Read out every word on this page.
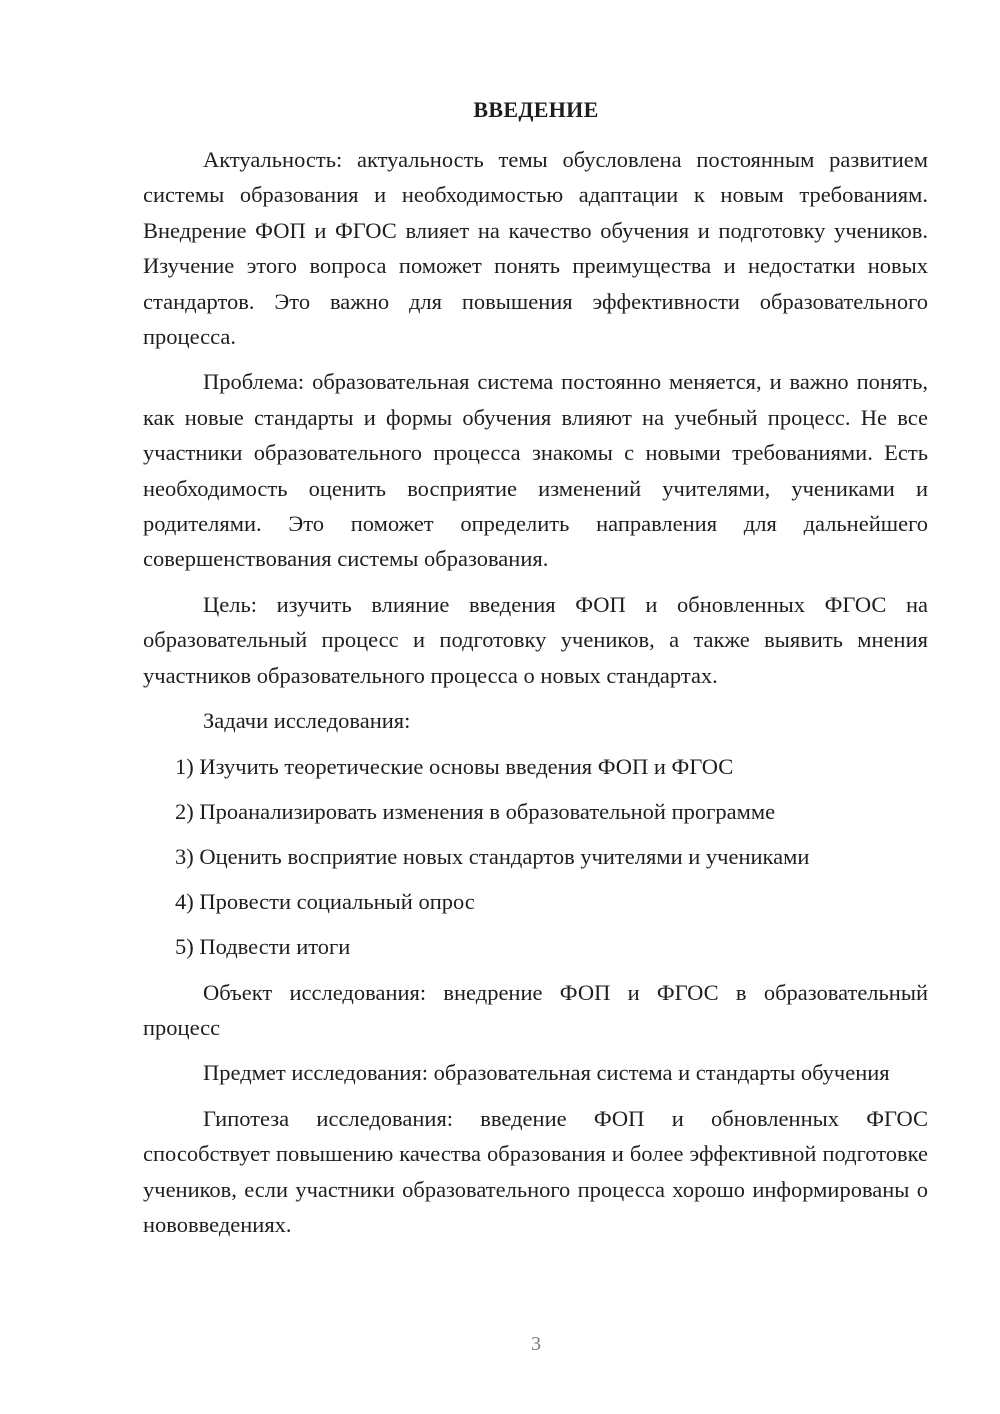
ВВЕДЕНИЕ

Актуальность: актуальность темы обусловлена постоянным развитием системы образования и необходимостью адаптации к новым требованиям. Внедрение ФОП и ФГОС влияет на качество обучения и подготовку учеников. Изучение этого вопроса поможет понять преимущества и недостатки новых стандартов. Это важно для повышения эффективности образовательного процесса.

Проблема: образовательная система постоянно меняется, и важно понять, как новые стандарты и формы обучения влияют на учебный процесс. Не все участники образовательного процесса знакомы с новыми требованиями. Есть необходимость оценить восприятие изменений учителями, учениками и родителями. Это поможет определить направления для дальнейшего совершенствования системы образования.

Цель: изучить влияние введения ФОП и обновленных ФГОС на образовательный процесс и подготовку учеников, а также выявить мнения участников образовательного процесса о новых стандартах.

Задачи исследования:

1) Изучить теоретические основы введения ФОП и ФГОС
2) Проанализировать изменения в образовательной программе
3) Оценить восприятие новых стандартов учителями и учениками
4) Провести социальный опрос
5) Подвести итоги

Объект исследования: внедрение ФОП и ФГОС в образовательный процесс

Предмет исследования: образовательная система и стандарты обучения

Гипотеза исследования: введение ФОП и обновленных ФГОС способствует повышению качества образования и более эффективной подготовке учеников, если участники образовательного процесса хорошо информированы о нововведениях.

3
